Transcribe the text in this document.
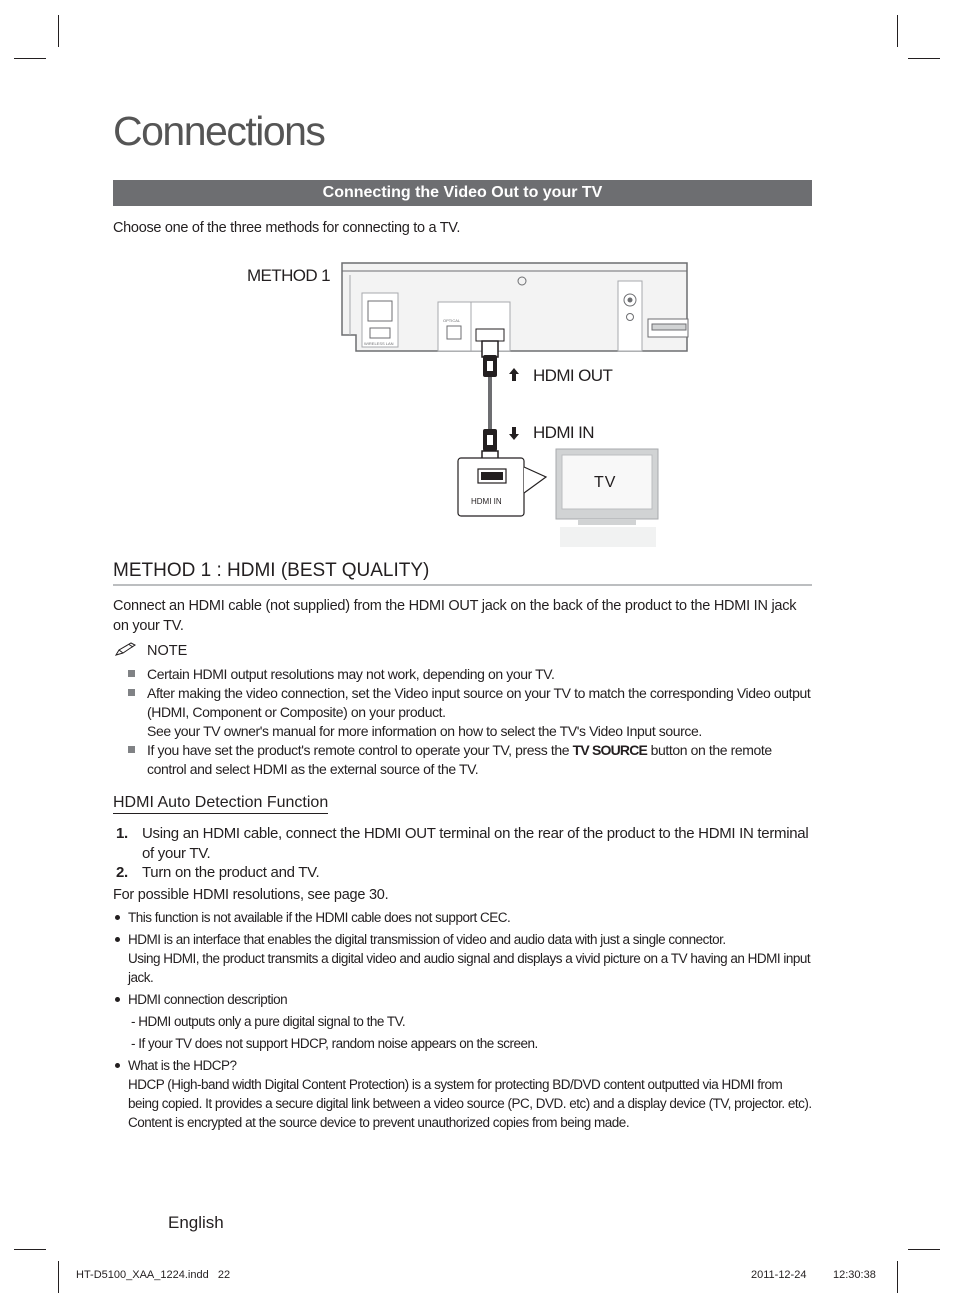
Connections
Connecting the Video Out to your TV
Choose one of the three methods for connecting to a TV.
METHOD 1
WIRELESS LAN
OPTICAL
HDMI IN
TV
HDMI OUT
HDMI IN
METHOD 1 : HDMI (BEST QUALITY)
Connect an HDMI cable (not supplied) from the HDMI OUT jack on the back of the product to the HDMI IN jack on your TV.
NOTE
Certain HDMI output resolutions may not work, depending on your TV.
After making the video connection, set the Video input source on your TV to match the corresponding Video output (HDMI, Component or Composite) on your product.
See your TV owner's manual for more information on how to select the TV's Video Input source.
If you have set the product's remote control to operate your TV, press the TV SOURCE button on the remote control and select HDMI as the external source of the TV.
HDMI Auto Detection Function
1. Using an HDMI cable, connect the HDMI OUT terminal on the rear of the product to the HDMI IN terminal of your TV.
2. Turn on the product and TV.
For possible HDMI resolutions, see page 30.
This function is not available if the HDMI cable does not support CEC.
HDMI is an interface that enables the digital transmission of video and audio data with just a single connector.
Using HDMI, the product transmits a digital video and audio signal and displays a vivid picture on a TV having an HDMI input jack.
HDMI connection description
- HDMI outputs only a pure digital signal to the TV.
- If your TV does not support HDCP, random noise appears on the screen.
What is the HDCP?
HDCP (High-band width Digital Content Protection) is a system for protecting BD/DVD content outputted via HDMI from being copied. It provides a secure digital link between a video source (PC, DVD. etc) and a display device (TV, projector. etc). Content is encrypted at the source device to prevent unauthorized copies from being made.
English
HT-D5100_XAA_1224.indd   22	2011-12-24 12:30:38
